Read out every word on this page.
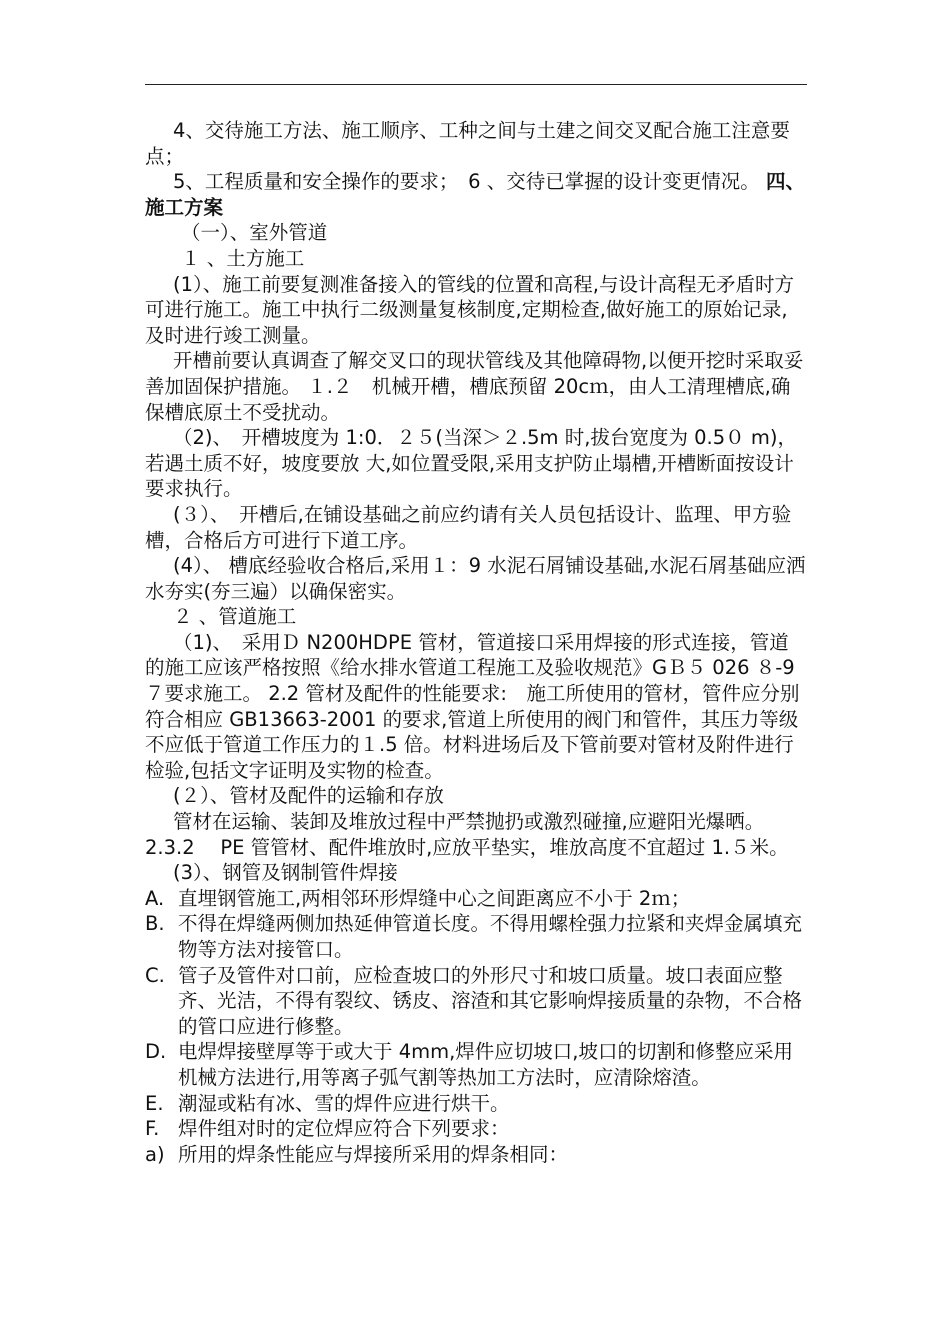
4、交待施工方法、施工顺序、工种之间与土建之间交叉配合施工注意要点；

5、工程质量和安全操作的要求；　6 、交待已掌握的设计变更情况。 四、施工方案

（一）、室外管道

１ 、土方施工

(1）、施工前要复测准备接入的管线的位置和高程,与设计高程无矛盾时方可进行施工。施工中执行二级测量复核制度,定期检查,做好施工的原始记录,及时进行竣工测量。

开槽前要认真调查了解交叉口的现状管线及其他障碍物,以便开挖时采取妥善加固保护措施。 １.２　机械开槽，槽底预留 20cｍ，由人工清理槽底,确保槽底原土不受扰动。

（2)、　开槽坡度为 1:0．２５(当深＞２.5m 时,拔台宽度为 0.5０ m)，若遇土质不好，坡度要放 大,如位置受限,采用支护防止塌槽,开槽断面按设计要求执行。

(３）、　开槽后,在铺设基础之前应约请有关人员包括设计、监理、甲方验槽，合格后方可进行下道工序。

(4）、 槽底经验收合格后,采用１：9 水泥石屑铺设基础,水泥石屑基础应洒水夯实(夯三遍）以确保密实。

２ 、管道施工

（1)、　采用Ｄ N200HDPE 管材，管道接口采用焊接的形式连接，管道的施工应该严格按照《给水排水管道工程施工及验收规范》GＢ５ 026 ８-9 ７要求施工。 2.2 管材及配件的性能要求:　施工所使用的管材，管件应分别符合相应 GB13663-2001 的要求,管道上所使用的阀门和管件，其压力等级不应低于管道工作压力的１.5 倍。材料进场后及下管前要对管材及附件进行检验,包括文字证明及实物的检查。

(２）、管材及配件的运输和存放

管材在运输、装卸及堆放过程中严禁抛扔或激烈碰撞,应避阳光爆晒。 2.3.2　 PE 管管材、配件堆放时,应放平垫实，堆放高度不宜超过 1.５米。

(3）、钢管及钢制管件焊接

A. 直埋钢管施工,两相邻环形焊缝中心之间距离应不小于 2ｍ；
B. 不得在焊缝两侧加热延伸管道长度。不得用螺栓强力拉紧和夹焊金属填充物等方法对接管口。
C. 管子及管件对口前，应检查坡口的外形尺寸和坡口质量。坡口表面应整齐、光洁，不得有裂纹、锈皮、溶渣和其它影响焊接质量的杂物，不合格的管口应进行修整。
D. 电焊焊接壁厚等于或大于 4mm,焊件应切坡口,坡口的切割和修整应采用机械方法进行,用等离子弧气割等热加工方法时，应清除熔渣。
E. 潮湿或粘有冰、雪的焊件应进行烘干。
F. 焊件组对时的定位焊应符合下列要求：
a) 所用的焊条性能应与焊接所采用的焊条相同：
